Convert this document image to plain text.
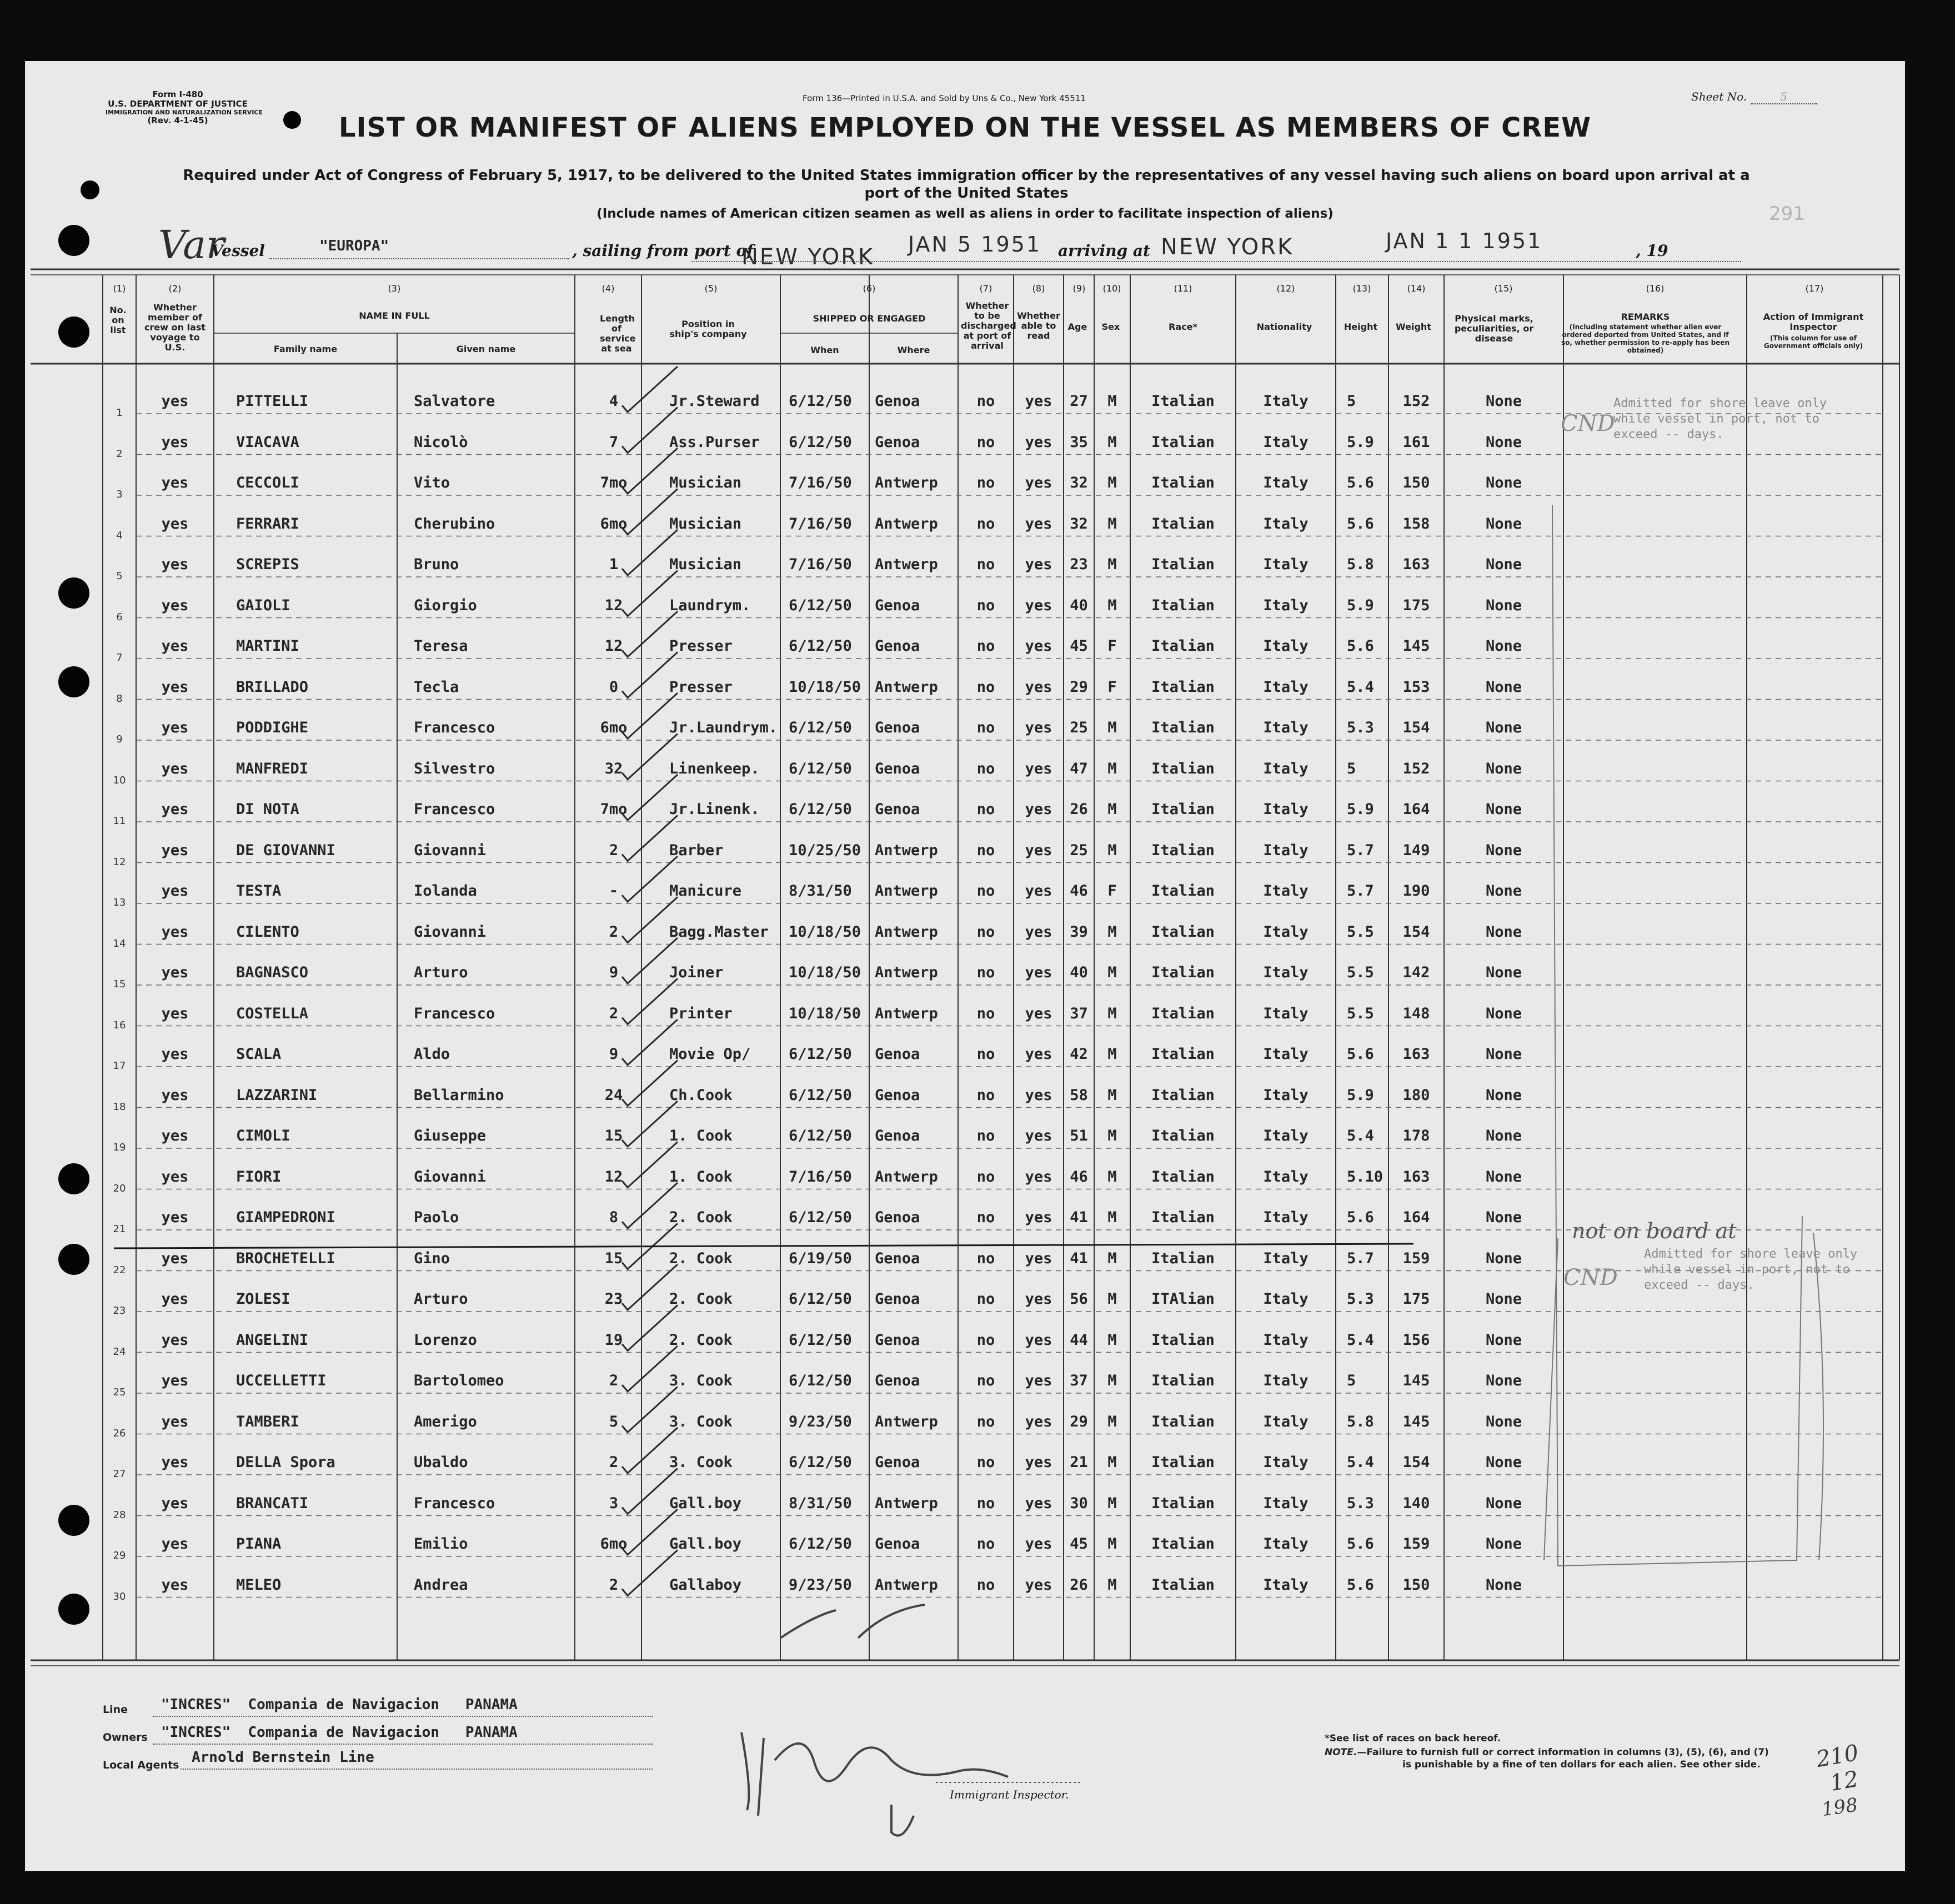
Form I-480
U.S. DEPARTMENT OF JUSTICE
IMMIGRATION AND NATURALIZATION SERVICE
(Rev. 4-1-45)
Form 136—Printed in U.S.A. and Sold by Uns & Co., New York 45511	Sheet No.	5
291
LIST OR MANIFEST OF ALIENS EMPLOYED ON THE VESSEL AS MEMBERS OF CREW
Required under Act of Congress of February 5, 1917, to be delivered to the United States immigration officer by the representatives of any vessel having such aliens on board upon arrival at a
port of the United States
(Include names of American citizen seamen as well as aliens in order to facilitate inspection of aliens)
Var
Vessel	"EUROPA"	, sailing from port of
NEW YORK JAN 5 1951 arriving at NEW YORK	JAN 1 1 1951	, 19
(1)	(2)	(3)	(4)	(5)	(6)	(7)	(8)	(9)	(10)	(11)	(12)	(13)	(14)	(15)	(16)	(17)
No. on list
Whether member of crew on last voyage to U.S.
NAME IN FULL
Family name	Given name
Length of service at sea
Position in ship's company
SHIPPED OR ENGAGED
When	Where
Whether to be discharged at port of arrival
Whether able to read
Age	Sex	Race*	Nationality	Height	Weight
Physical marks, peculiarities, or disease
REMARKS
(Including statement whether alien ever ordered deported from United States, and if so, whether permission to re-apply has been obtained)
Action of Immigrant Inspector
(This column for use of Government officials only)
1
yes	PITTELLI	Salvatore	4	Jr.Steward	6/12/50	Genoa	no	yes	27	M	Italian	Italy	5	152	None
2
yes	VIACAVA	Nicolò	7	Ass.Purser	6/12/50	Genoa	no	yes	35	M	Italian	Italy	5.9	161	None
3
yes	CECCOLI	Vito	7mo	Musician	7/16/50	Antwerp	no	yes	32	M	Italian	Italy	5.6	150	None
4
yes	FERRARI	Cherubino	6mo	Musician	7/16/50	Antwerp	no	yes	32	M	Italian	Italy	5.6	158	None
5
yes	SCREPIS	Bruno	1	Musician	7/16/50	Antwerp	no	yes	23	M	Italian	Italy	5.8	163	None
6
yes	GAIOLI	Giorgio	12	Laundrym.	6/12/50	Genoa	no	yes	40	M	Italian	Italy	5.9	175	None
7
yes	MARTINI	Teresa	12	Presser	6/12/50	Genoa	no	yes	45	F	Italian	Italy	5.6	145	None
8
yes	BRILLADO	Tecla	0	Presser	10/18/50 Antwerp	no	yes	29	F	Italian	Italy	5.4	153	None
9
yes	PODDIGHE	Francesco	6mo	Jr.Laundrym. 6/12/50	Genoa	no	yes	25	M	Italian	Italy	5.3	154	None
10
yes	MANFREDI	Silvestro	32	Linenkeep.	6/12/50	Genoa	no	yes	47	M	Italian	Italy	5	152	None
11
yes	DI NOTA	Francesco	7mo	Jr.Linenk.	6/12/50	Genoa	no	yes	26	M	Italian	Italy	5.9	164	None
12
yes	DE GIOVANNI	Giovanni	2	Barber	10/25/50 Antwerp	no	yes	25	M	Italian	Italy	5.7	149	None
13
yes	TESTA	Iolanda	-	Manicure	8/31/50	Antwerp	no	yes	46	F	Italian	Italy	5.7	190	None
14
yes	CILENTO	Giovanni	2	Bagg.Master	10/18/50 Antwerp	no	yes	39	M	Italian	Italy	5.5	154	None
15
yes	BAGNASCO	Arturo	9	Joiner	10/18/50 Antwerp	no	yes	40	M	Italian	Italy	5.5	142	None
16
yes	COSTELLA	Francesco	2	Printer	10/18/50 Antwerp	no	yes	37	M	Italian	Italy	5.5	148	None
17
yes	SCALA	Aldo	9	Movie Op/	6/12/50	Genoa	no	yes	42	M	Italian	Italy	5.6	163	None
18
yes	LAZZARINI	Bellarmino	24	Ch.Cook	6/12/50	Genoa	no	yes	58	M	Italian	Italy	5.9	180	None
19
yes	CIMOLI	Giuseppe	15	1. Cook	6/12/50	Genoa	no	yes	51	M	Italian	Italy	5.4	178	None
20
yes	FIORI	Giovanni	12	1. Cook	7/16/50	Antwerp	no	yes	46	M	Italian	Italy	5.10	163	None
21
yes	GIAMPEDRONI	Paolo	8	2. Cook	6/12/50	Genoa	no	yes	41	M	Italian	Italy	5.6	164	None
22
yes	BROCHETELLI	Gino	15	2. Cook	6/19/50	Genoa	no	yes	41	M	Italian	Italy	5.7	159	None
23
yes	ZOLESI	Arturo	23	2. Cook	6/12/50	Genoa	no	yes	56	M	ITAlian	Italy	5.3	175	None
24
yes	ANGELINI	Lorenzo	19	2. Cook	6/12/50	Genoa	no	yes	44	M	Italian	Italy	5.4	156	None
25
yes	UCCELLETTI	Bartolomeo	2	3. Cook	6/12/50	Genoa	no	yes	37	M	Italian	Italy	5	145	None
26
yes	TAMBERI	Amerigo	5	3. Cook	9/23/50	Antwerp	no	yes	29	M	Italian	Italy	5.8	145	None
27
yes	DELLA Spora	Ubaldo	2	3. Cook	6/12/50	Genoa	no	yes	21	M	Italian	Italy	5.4	154	None
28
yes	BRANCATI	Francesco	3	Gall.boy	8/31/50	Antwerp	no	yes	30	M	Italian	Italy	5.3	140	None
29
yes	PIANA	Emilio	6mo	Gall.boy	6/12/50	Genoa	no	yes	45	M	Italian	Italy	5.6	159	None
30
yes	MELEO	Andrea	2	Gallaboy	9/23/50	Antwerp	no	yes	26	M	Italian	Italy	5.6	150	None
Admitted for shore leave only
while vessel in port, not to
exceed -- days.
CND
Admitted for shore leave only
while vessel in port, not to
exceed -- days.
CND
not on board at
Line "INCRES"  Compania de Navigacion   PANAMA
Owners "INCRES"  Compania de Navigacion   PANAMA
Local Agents Arnold Bernstein Line
Immigrant Inspector.
*See list of races on back hereof.
NOTE.—Failure to furnish full or correct information in columns (3), (5), (6), and (7)
is punishable by a fine of ten dollars for each alien. See other side.	210
12
198
